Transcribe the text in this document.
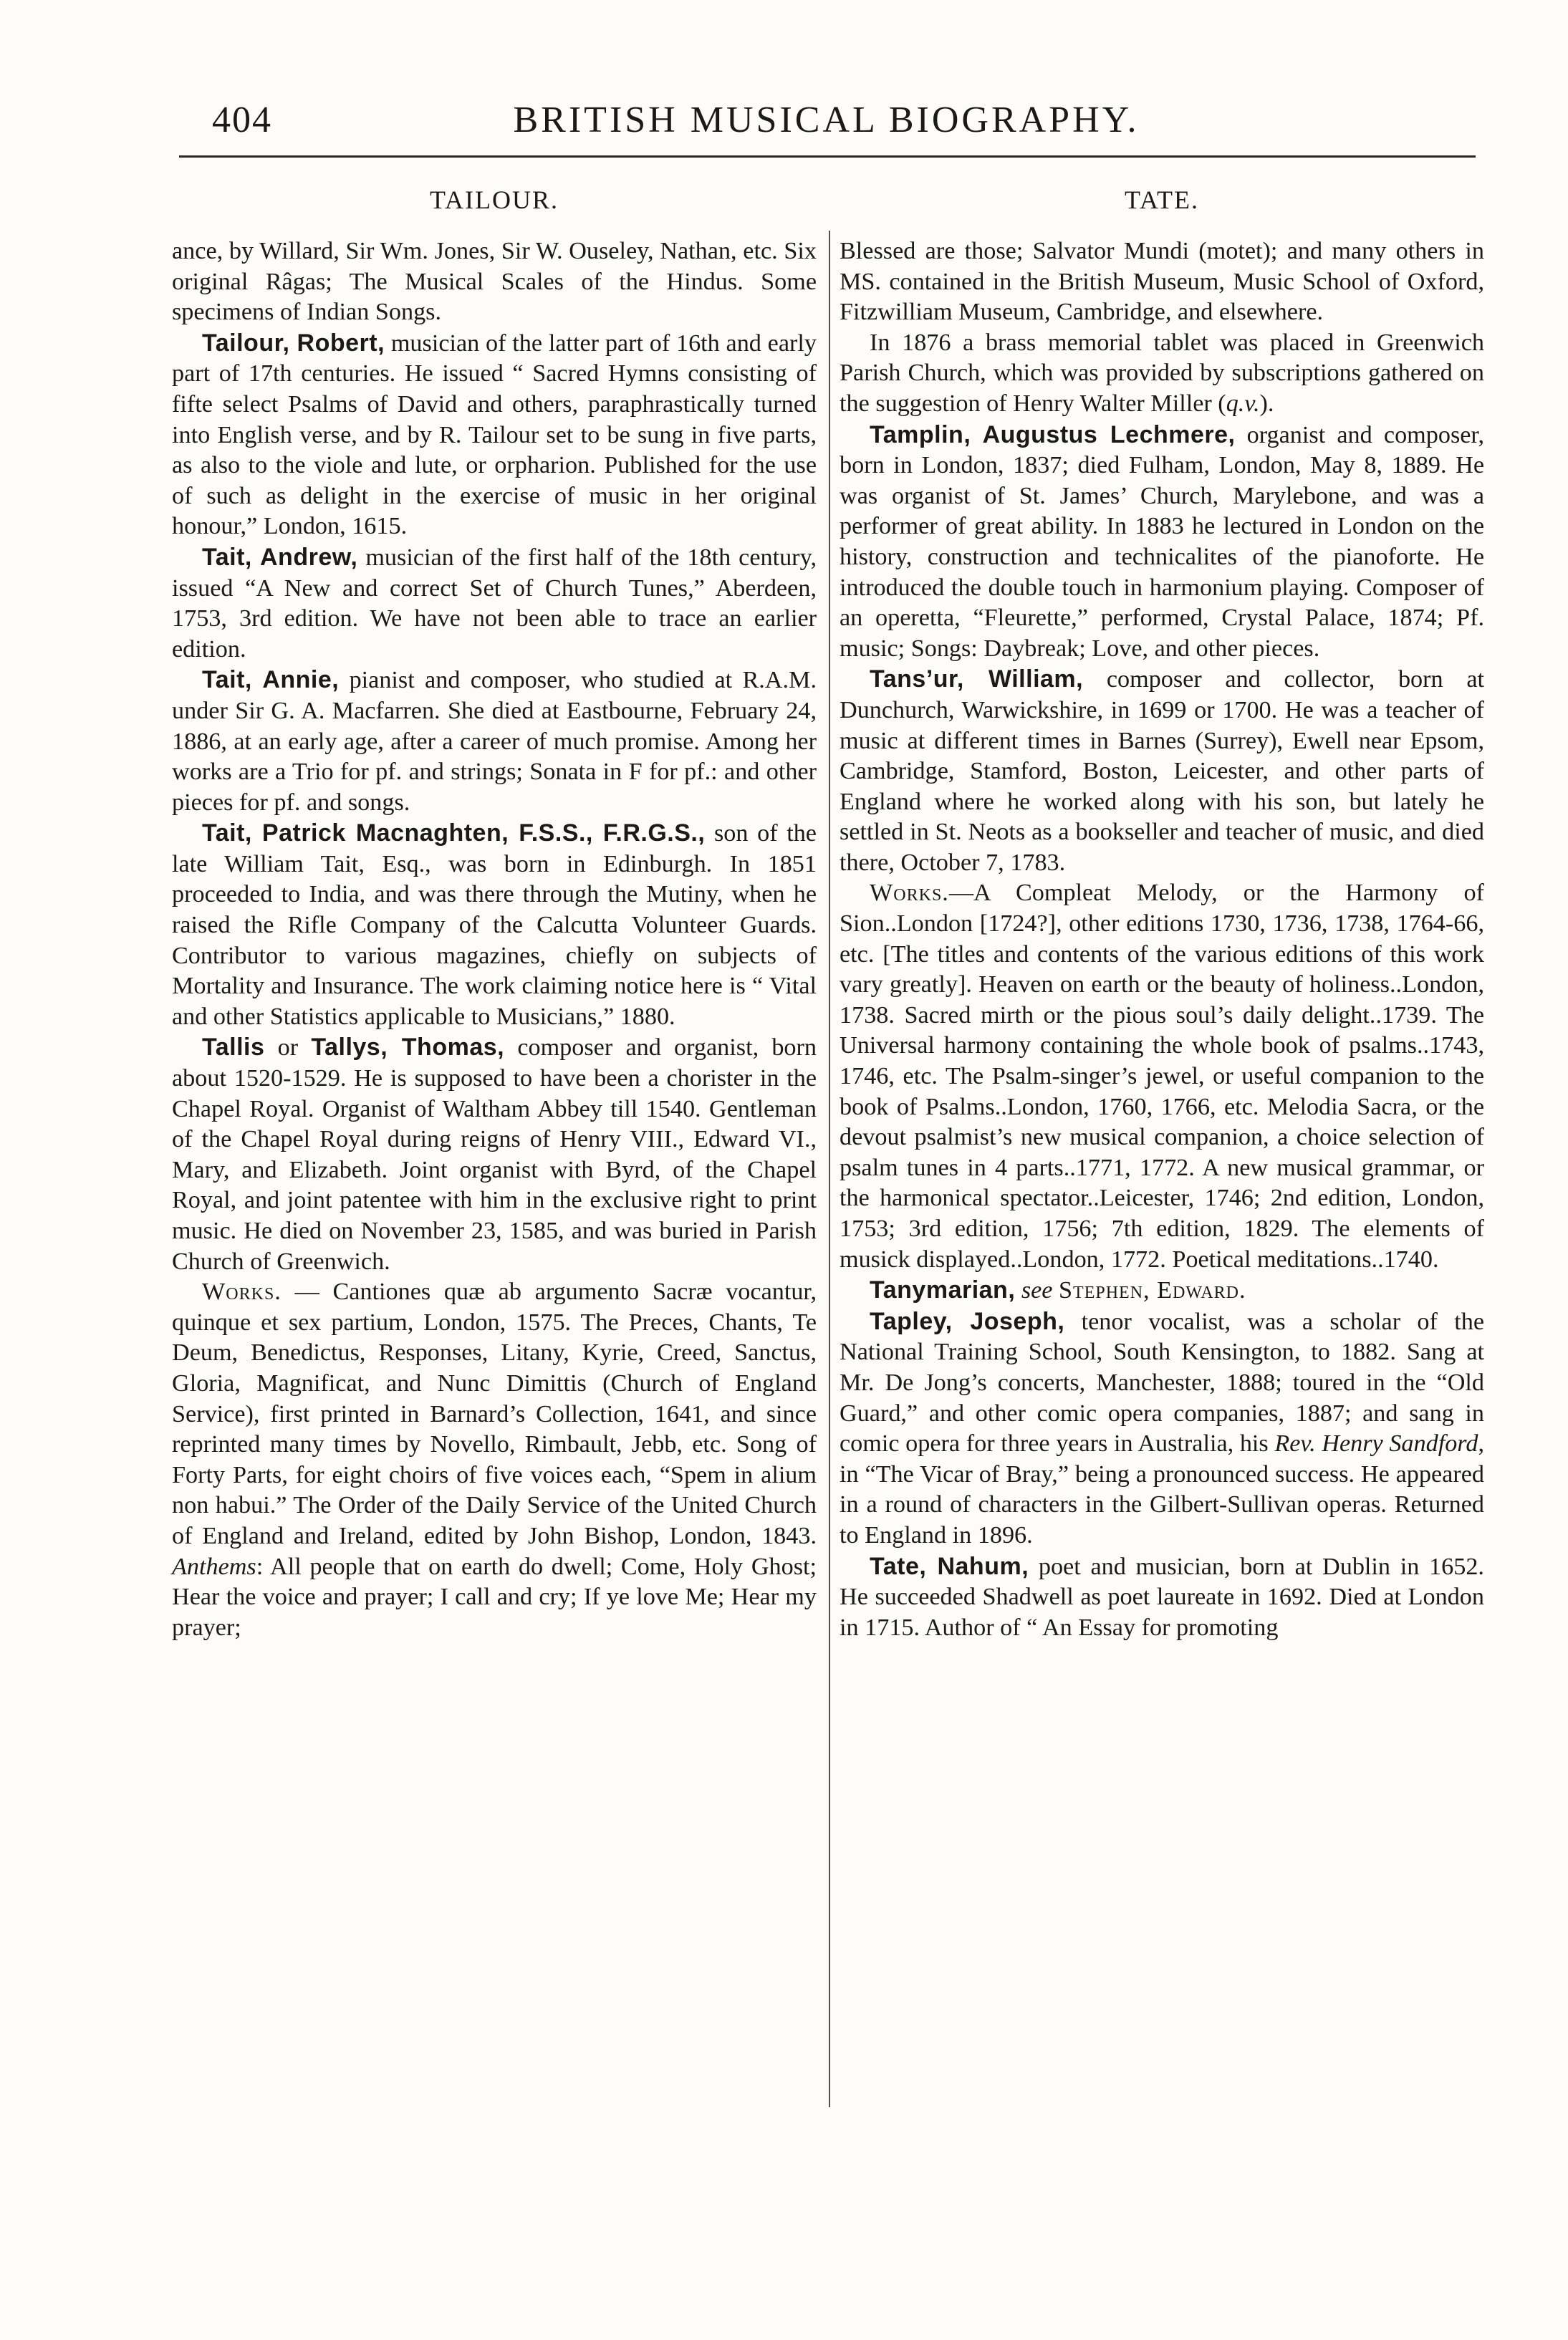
404	BRITISH MUSICAL BIOGRAPHY.
TAILOUR.	TATE.

ance, by Willard, Sir Wm. Jones, Sir W. Ouseley, Nathan, etc. Six original Râgas; The Musical Scales of the Hindus. Some specimens of Indian Songs.

Tailour, Robert, musician of the latter part of 16th and early part of 17th centuries. He issued “ Sacred Hymns consisting of fifte select Psalms of David and others, paraphrastically turned into English verse, and by R. Tailour set to be sung in five parts, as also to the viole and lute, or orpharion. Published for the use of such as delight in the exercise of music in her original honour,” London, 1615.

Tait, Andrew, musician of the first half of the 18th century, issued “A New and correct Set of Church Tunes,” Aberdeen, 1753, 3rd edition. We have not been able to trace an earlier edition.

Tait, Annie, pianist and composer, who studied at R.A.M. under Sir G. A. Macfarren. She died at Eastbourne, February 24, 1886, at an early age, after a career of much promise. Among her works are a Trio for pf. and strings; Sonata in F for pf.: and other pieces for pf. and songs.

Tait, Patrick Macnaghten, F.S.S., F.R.G.S., son of the late William Tait, Esq., was born in Edinburgh. In 1851 proceeded to India, and was there through the Mutiny, when he raised the Rifle Company of the Calcutta Volunteer Guards. Contributor to various magazines, chiefly on subjects of Mortality and Insurance. The work claiming notice here is “ Vital and other Statistics applicable to Musicians,” 1880.

Tallis or Tallys, Thomas, composer and organist, born about 1520-1529. He is supposed to have been a chorister in the Chapel Royal. Organist of Waltham Abbey till 1540. Gentleman of the Chapel Royal during reigns of Henry VIII., Edward VI., Mary, and Elizabeth. Joint organist with Byrd, of the Chapel Royal, and joint patentee with him in the exclusive right to print music. He died on November 23, 1585, and was buried in Parish Church of Greenwich.

Works. — Cantiones quæ ab argumento Sacræ vocantur, quinque et sex partium, London, 1575. The Preces, Chants, Te Deum, Benedictus, Responses, Litany, Kyrie, Creed, Sanctus, Gloria, Magnificat, and Nunc Dimittis (Church of England Service), first printed in Barnard’s Collection, 1641, and since reprinted many times by Novello, Rimbault, Jebb, etc. Song of Forty Parts, for eight choirs of five voices each, “Spem in alium non habui.” The Order of the Daily Service of the United Church of England and Ireland, edited by John Bishop, London, 1843. Anthems: All people that on earth do dwell; Come, Holy Ghost; Hear the voice and prayer; I call and cry; If ye love Me; Hear my prayer;

Blessed are those; Salvator Mundi (motet); and many others in MS. contained in the British Museum, Music School of Oxford, Fitzwilliam Museum, Cambridge, and elsewhere.

In 1876 a brass memorial tablet was placed in Greenwich Parish Church, which was provided by subscriptions gathered on the suggestion of Henry Walter Miller (q.v.).

Tamplin, Augustus Lechmere, organist and composer, born in London, 1837; died Fulham, London, May 8, 1889. He was organist of St. James’ Church, Marylebone, and was a performer of great ability. In 1883 he lectured in London on the history, construction and technicalites of the pianoforte. He introduced the double touch in harmonium playing. Composer of an operetta, “Fleurette,” performed, Crystal Palace, 1874; Pf. music; Songs: Daybreak; Love, and other pieces.

Tans’ur, William, composer and collector, born at Dunchurch, Warwickshire, in 1699 or 1700. He was a teacher of music at different times in Barnes (Surrey), Ewell near Epsom, Cambridge, Stamford, Boston, Leicester, and other parts of England where he worked along with his son, but lately he settled in St. Neots as a bookseller and teacher of music, and died there, October 7, 1783.

Works.—A Compleat Melody, or the Harmony of Sion..London [1724?], other editions 1730, 1736, 1738, 1764-66, etc. [The titles and contents of the various editions of this work vary greatly]. Heaven on earth or the beauty of holiness..London, 1738. Sacred mirth or the pious soul’s daily delight..1739. The Universal harmony containing the whole book of psalms..1743, 1746, etc. The Psalm-singer’s jewel, or useful companion to the book of Psalms..London, 1760, 1766, etc. Melodia Sacra, or the devout psalmist’s new musical companion, a choice selection of psalm tunes in 4 parts..1771, 1772. A new musical grammar, or the harmonical spectator..Leicester, 1746; 2nd edition, London, 1753; 3rd edition, 1756; 7th edition, 1829. The elements of musick displayed..London, 1772. Poetical meditations..1740.

Tanymarian, see Stephen, Edward.

Tapley, Joseph, tenor vocalist, was a scholar of the National Training School, South Kensington, to 1882. Sang at Mr. De Jong’s concerts, Manchester, 1888; toured in the “Old Guard,” and other comic opera companies, 1887; and sang in comic opera for three years in Australia, his Rev. Henry Sandford, in “The Vicar of Bray,” being a pronounced success. He appeared in a round of characters in the Gilbert-Sullivan operas. Returned to England in 1896.

Tate, Nahum, poet and musician, born at Dublin in 1652. He succeeded Shadwell as poet laureate in 1692. Died at London in 1715. Author of “ An Essay for promoting
